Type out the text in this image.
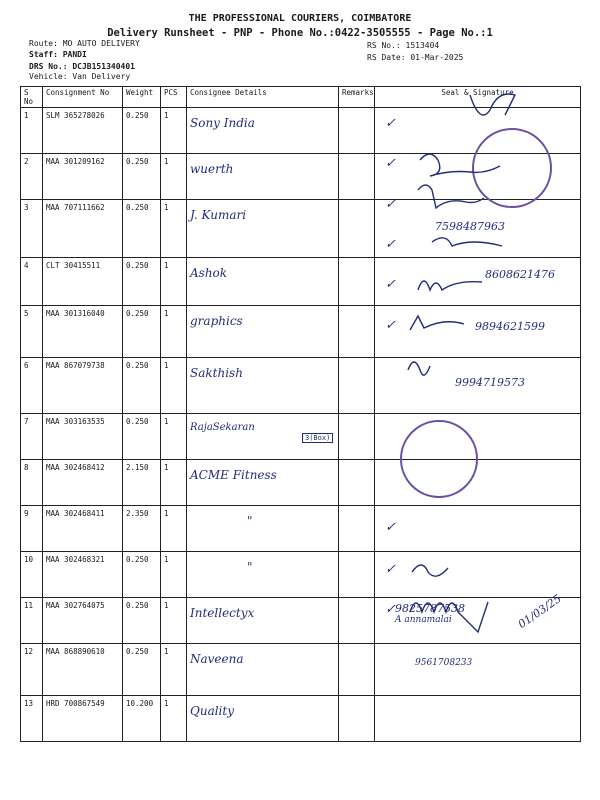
THE PROFESSIONAL COURIERS, COIMBATORE
Delivery Runsheet - PNP - Phone No.:0422-3505555 - Page No.:1
Route: MO AUTO DELIVERY
Staff: PANDI
DRS No.: DCJB151340401
Vehicle: Van Delivery
RS No.: 1513404
RS Date: 01-Mar-2025
S No	Consignment No	Weight	PCS	Consignee Details	Remarks	Seal & Signature
1	SLM 365278026	0.250	1	Sony India		
2	MAA 301209162	0.250	1	wuerth		
3	MAA 707111662	0.250	1	J. Kumari		7598487963
4	CLT 30415511	0.250	1	Ashok		8608621476
5	MAA 301316040	0.250	1	graphics		9894621599
6	MAA 867079738	0.250	1	Sakthish		9994719573
7	MAA 303163535	0.250	1	RajaSekaran		
8	MAA 302468412	2.150	1	ACME Fitness		
9	MAA 302468411	2.350	1	"		
10	MAA 302468321	0.250	1	"		
11	MAA 302764075	0.250	1	Intellectyx		9825787538
A annamalai

12	MAA 868890610	0.250	1	Naveena		9561708233
13	HRD 700867549	10.200	1	Quality		
✓
✓
✓
✓
✓
✓
✓
✓
✓
3(Box)
01/03/25
